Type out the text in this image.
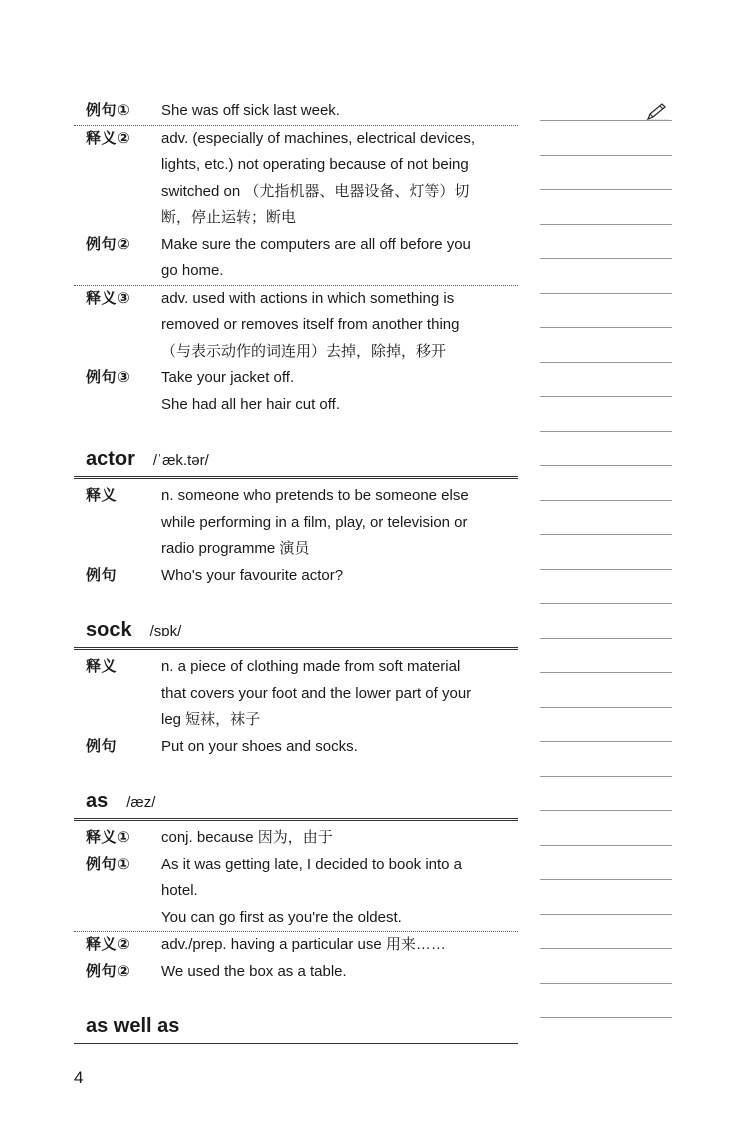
例句①	She was off sick last week.
释义②	adv. (especially of machines, electrical devices,
lights, etc.) not operating because of not being
switched on （尤指机器、电器设备、灯等）切
断，停止运转；断电
例句②	Make sure the computers are all off before you
go home.
释义③	adv. used with actions in which something is
removed or removes itself from another thing
（与表示动作的词连用）去掉，除掉，移开
例句③	Take your jacket off.
She had all her hair cut off.
actor /ˈæk.tər/
释义	n. someone who pretends to be someone else
while performing in a film, play, or television or
radio programme 演员
例句	Who's your favourite actor?
sock /sɒk/
释义	n. a piece of clothing made from soft material
that covers your foot and the lower part of your
leg 短袜，袜子
例句	Put on your shoes and socks.
as /æz/
释义①	conj. because 因为，由于
例句①	As it was getting late, I decided to book into a
hotel.
You can go first as you're the oldest.
释义②	adv./prep. having a particular use 用来……
例句②	We used the box as a table.
as well as
4
